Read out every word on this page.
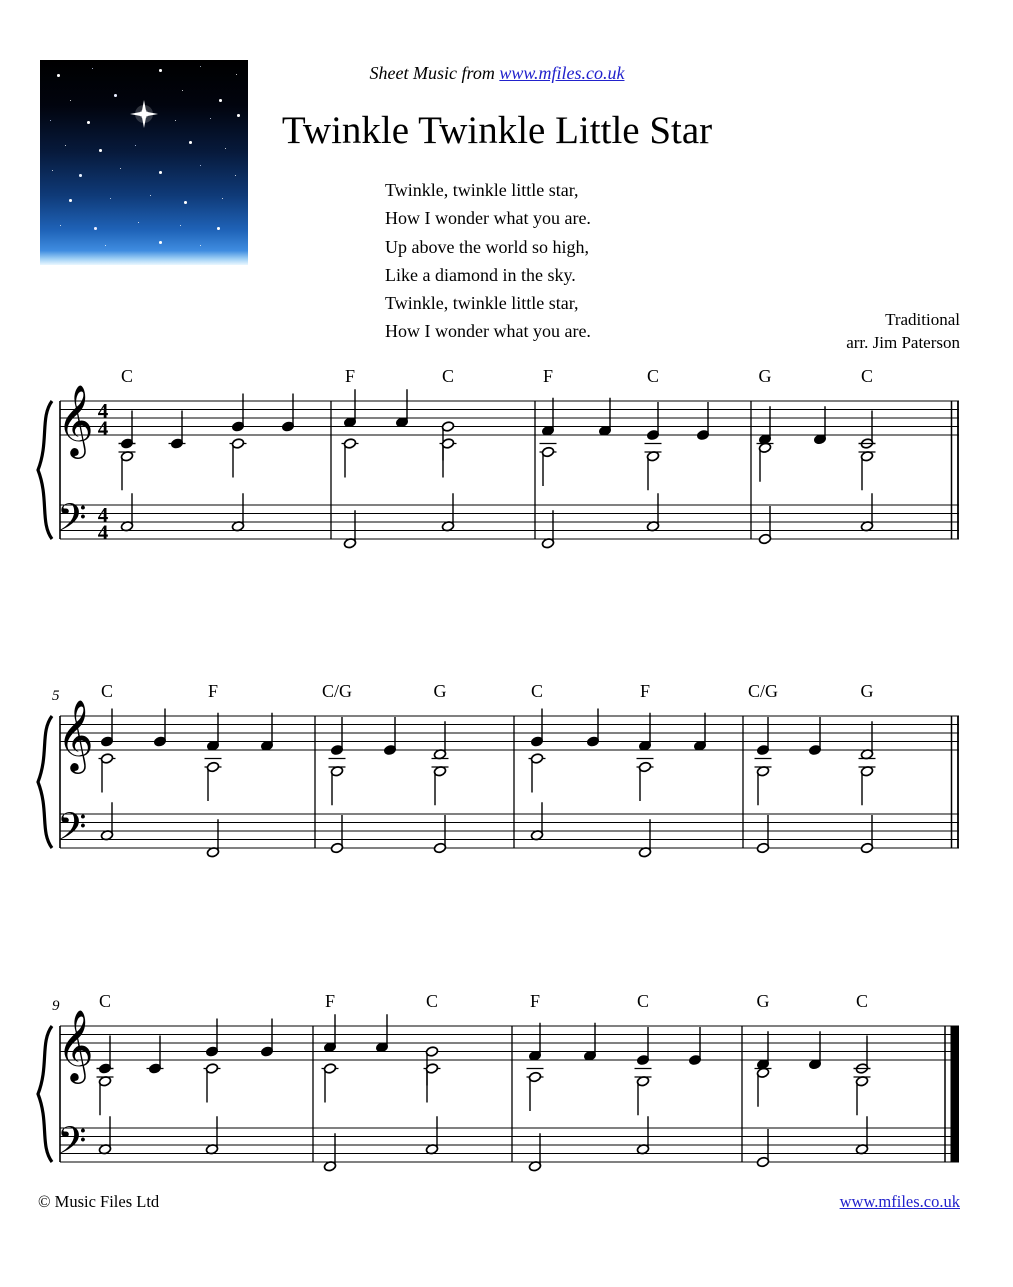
Sheet Music from www.mfiles.co.uk
Twinkle Twinkle Little Star
Twinkle, twinkle little star,
How I wonder what you are.
Up above the world so high,
Like a diamond in the sky.
Twinkle, twinkle little star,
How I wonder what you are.
Traditional
arr. Jim Paterson
𝄞
𝄢
4
4
4
4
C	F	C	F	C	G	C
𝄞
𝄢
5 C	F	C/G	G	C	F	C/G	G
𝄞
𝄢
9 C	F	C	F	C	G	C
© Music Files Ltd	www.mfiles.co.uk
